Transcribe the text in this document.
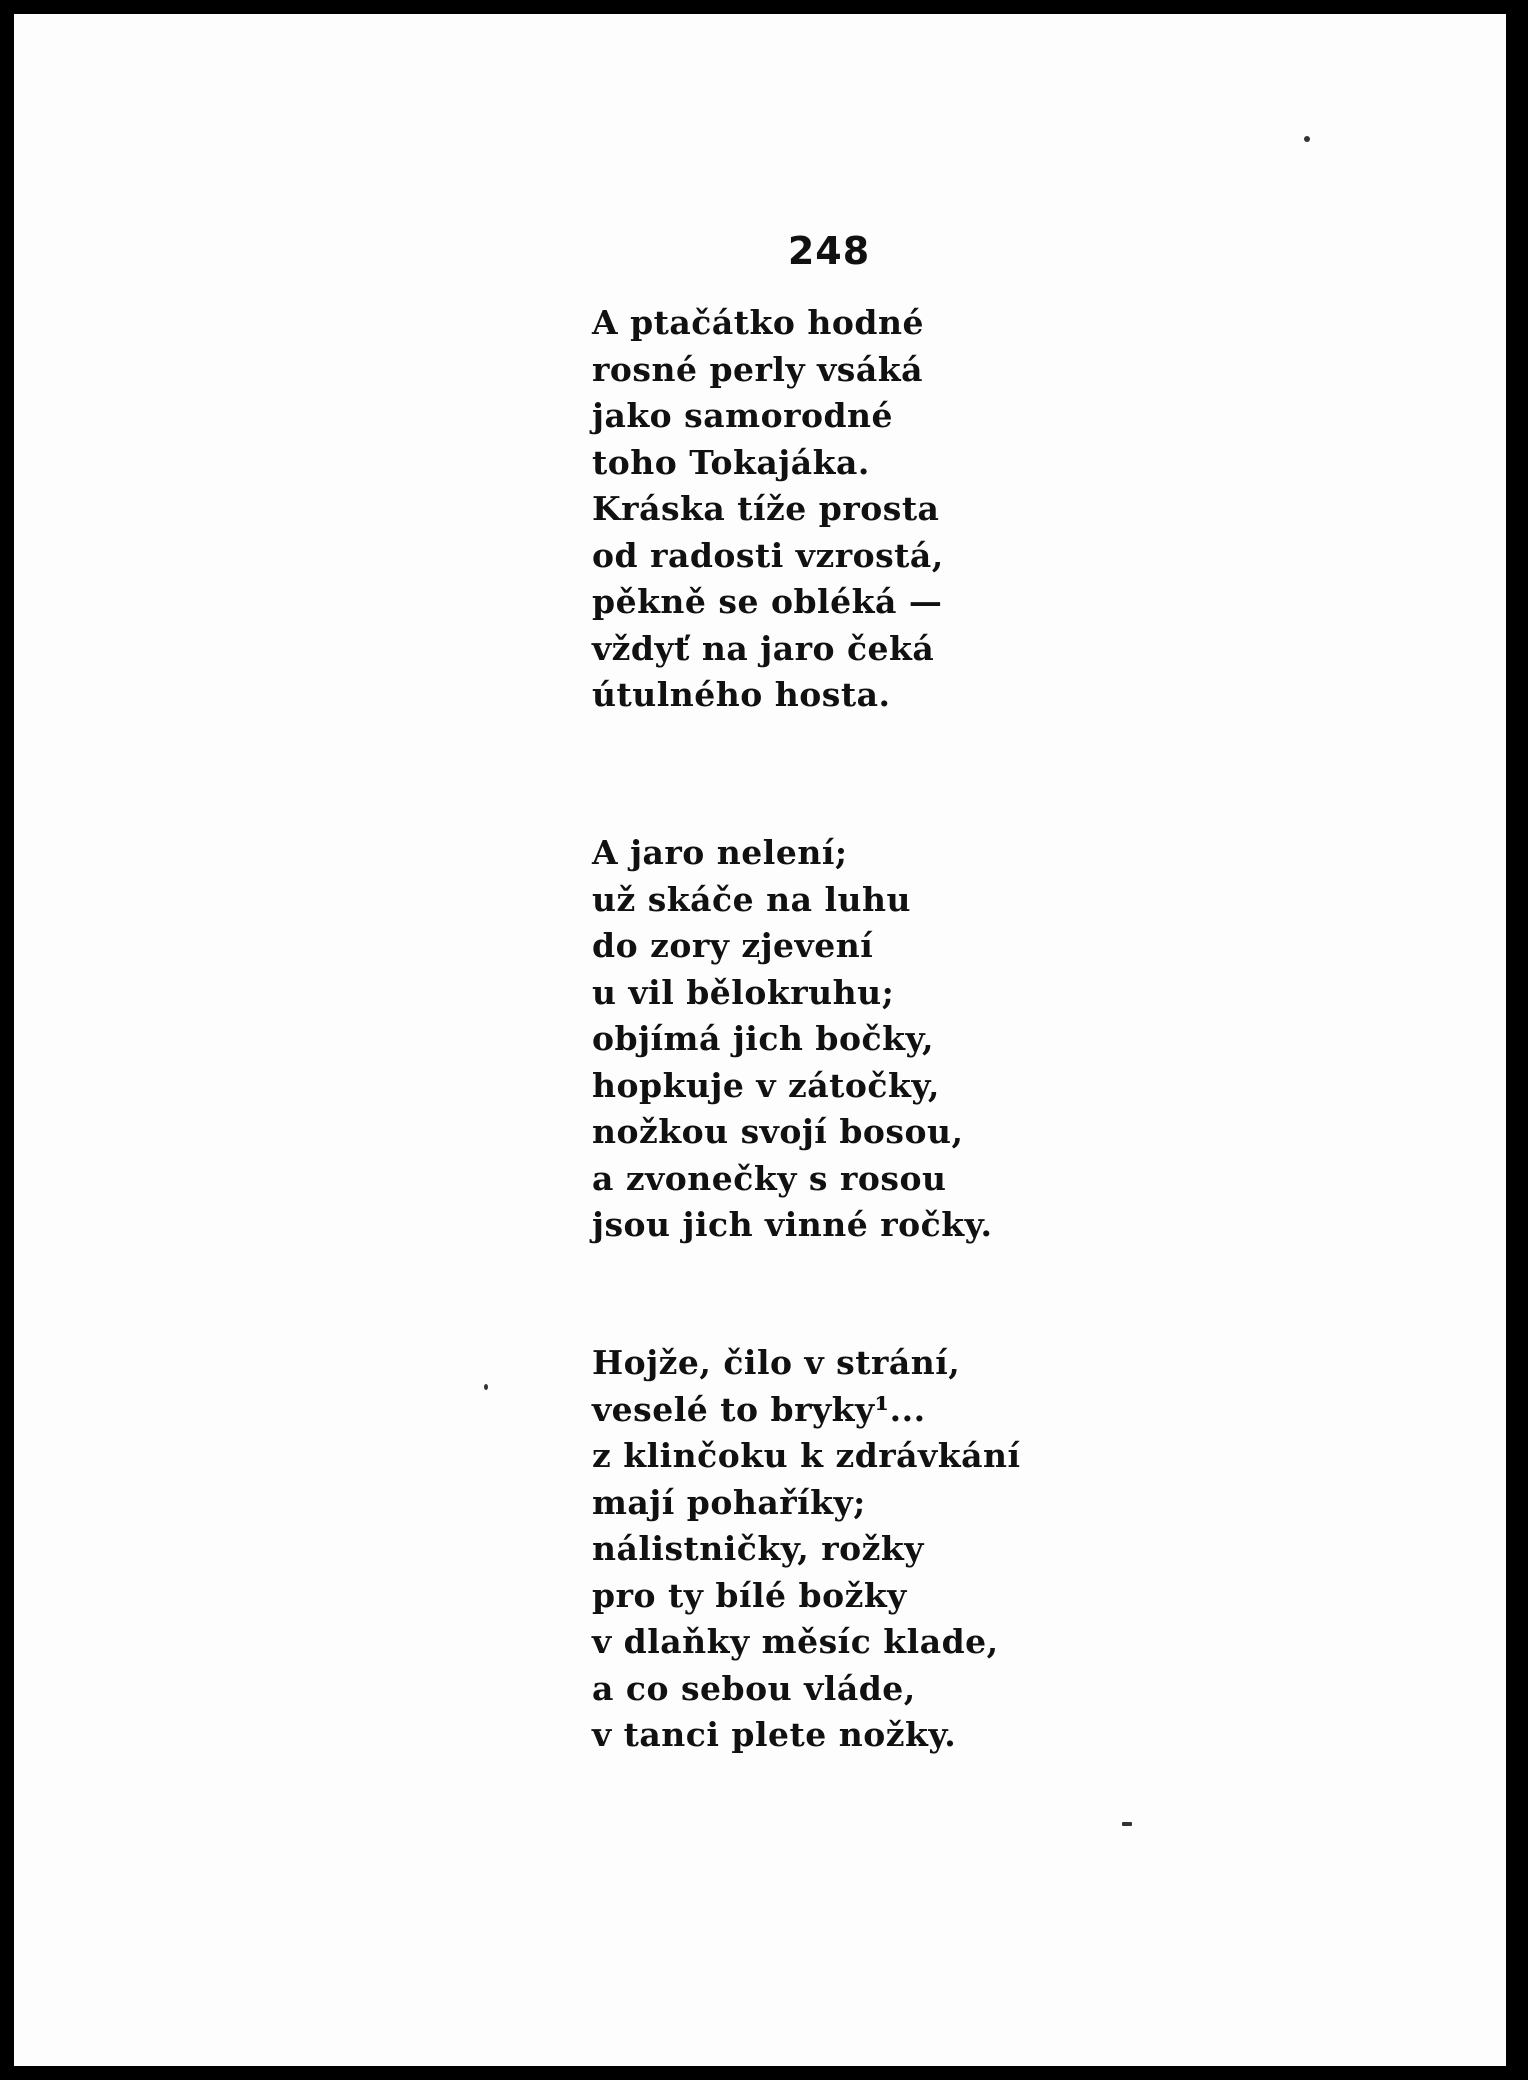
248
A ptačátko hodné
rosné perly vsáká
jako samorodné
toho Tokajáka.
Kráska tíže prosta
od radosti vzrostá,
pěkně se obléká —
vždyť na jaro čeká
útulného hosta.
A jaro nelení;
už skáče na luhu
do zory zjevení
u vil bělokruhu;
objímá jich bočky,
hopkuje v zátočky,
nožkou svojí bosou,
a zvonečky s rosou
jsou jich vinné ročky.
Hojže, čilo v strání,
veselé to bryky¹...
z klinčoku k zdrávkání
mají pohaříky;
nálistničky, rožky
pro ty bílé božky
v dlaňky měsíc klade,
a co sebou vláde,
v tanci plete nožky.
